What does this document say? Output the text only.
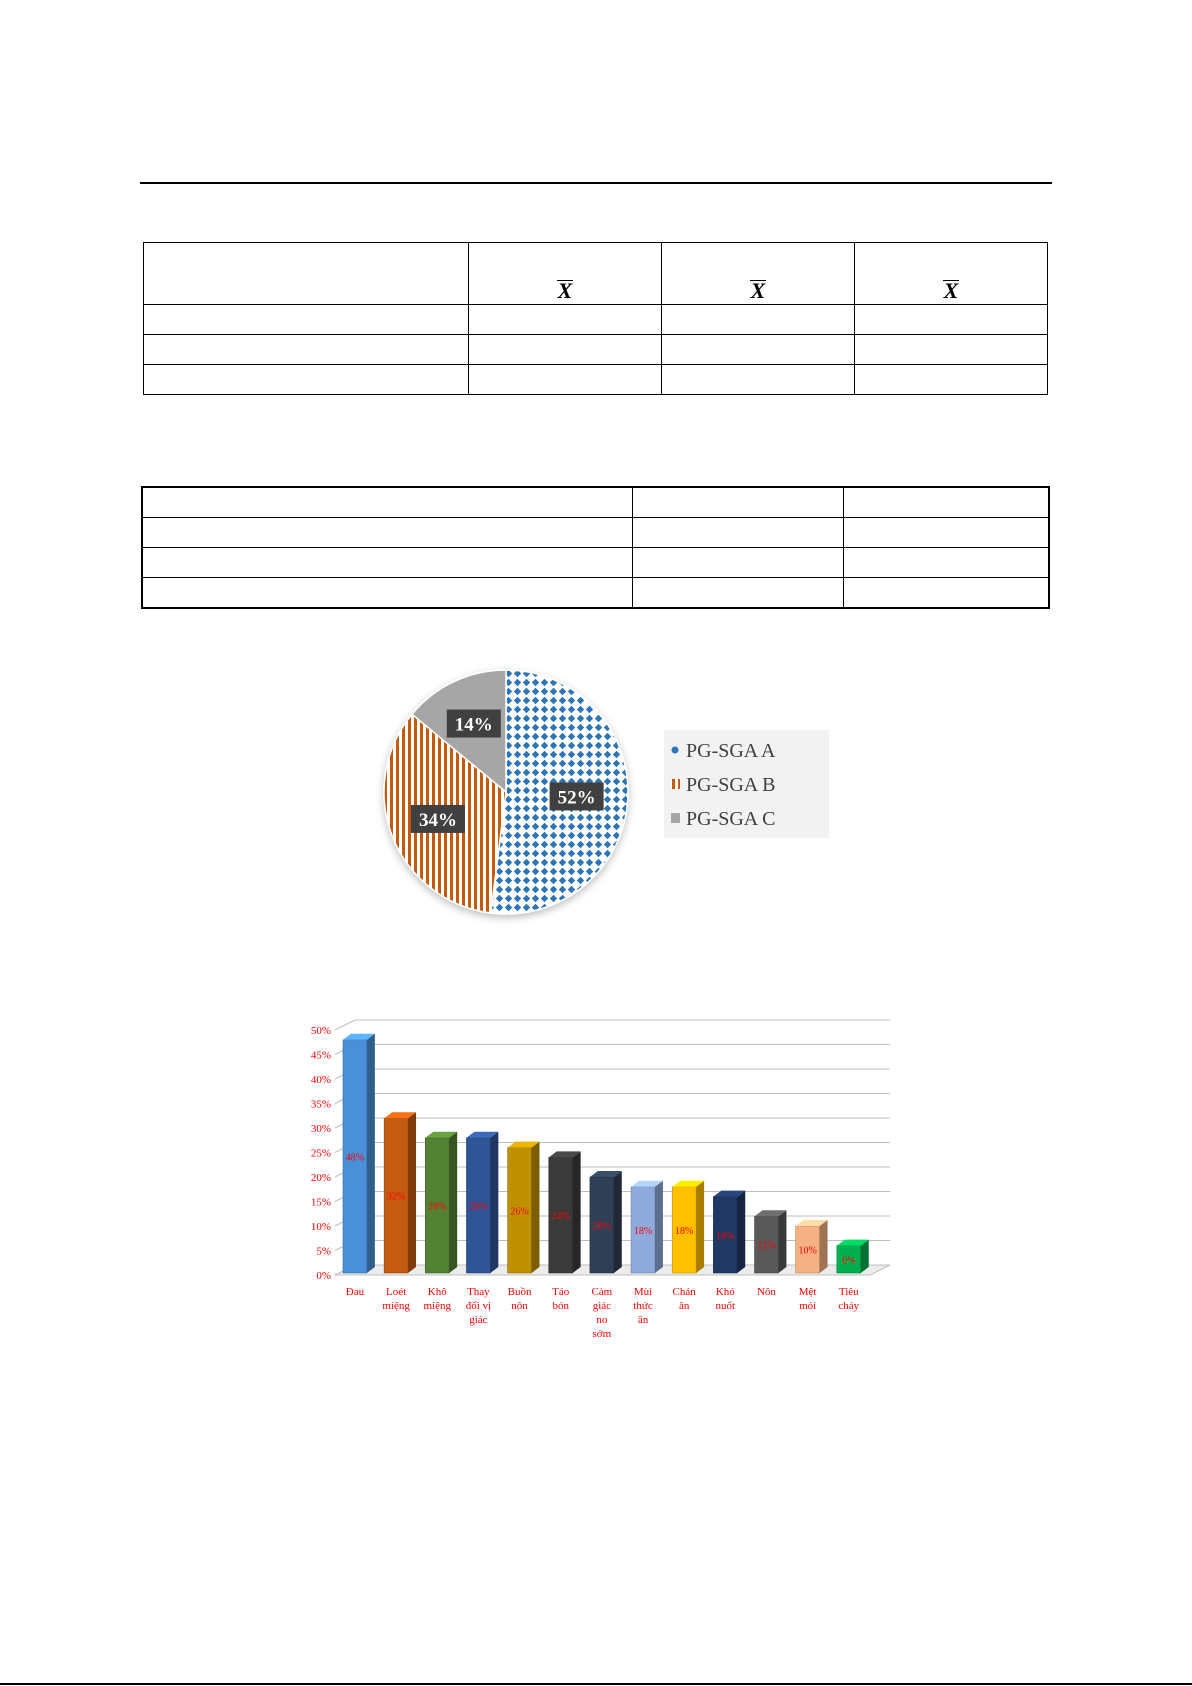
	X	X	X

52%
34%
14%
PG-SGA A
PG-SGA B
PG-SGA C
0%
5%
10%
15%
20%
25%
30%
35%
40%
45%
50%
48%
32%
28% 28% 26% 24%
20% 18% 18% 16%
12% 10%
6%
Đau	Loét miệng
Khô miệng
Thay đổi vị giác
Buồn nôn
Táo bón
Cảm giác no sớm
Mùi thức ăn
Chán ăn
Khó nuốt
Nôn Mệt mỏi
Tiêu chảy
